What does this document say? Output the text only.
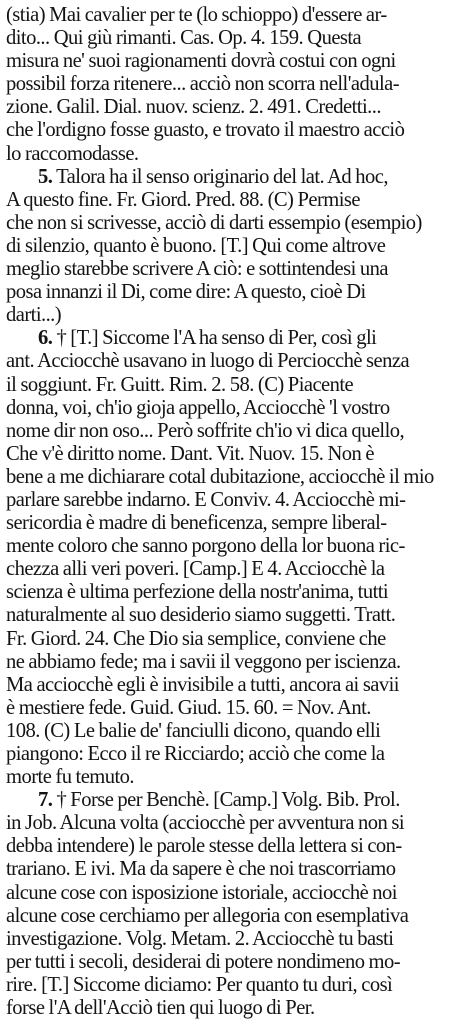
(stia) Mai cavalier per te (lo schioppo) d'essere ar-
dito... Qui giù rimanti. Cas. Op. 4. 159. Questa
misura ne' suoi ragionamenti dovrà costui con ogni
possibil forza ritenere... acciò non scorra nell'adula-
zione. Galil. Dial. nuov. scienz. 2. 491. Credetti...
che l'ordigno fosse guasto, e trovato il maestro acciò
lo raccomodasse.
5. Talora ha il senso originario del lat. Ad hoc,
A questo fine. Fr. Giord. Pred. 88. (C) Permise
che non si scrivesse, acciò di darti essempio (esempio)
di silenzio, quanto è buono. [T.] Qui come altrove
meglio starebbe scrivere A ciò: e sottintendesi una
posa innanzi il Di, come dire: A questo, cioè Di
darti...)
6. † [T.] Siccome l'A ha senso di Per, così gli
ant. Acciocchè usavano in luogo di Perciocchè senza
il soggiunt. Fr. Guitt. Rim. 2. 58. (C) Piacente
donna, voi, ch'io gioja appello, Acciocchè 'l vostro
nome dir non oso... Però soffrite ch'io vi dica quello,
Che v'è diritto nome. Dant. Vit. Nuov. 15. Non è
bene a me dichiarare cotal dubitazione, acciocchè il mio
parlare sarebbe indarno. E Conviv. 4. Acciocchè mi-
sericordia è madre di beneficenza, sempre liberal-
mente coloro che sanno porgono della lor buona ric-
chezza alli veri poveri. [Camp.] E 4. Acciocchè la
scienza è ultima perfezione della nostr'anima, tutti
naturalmente al suo desiderio siamo suggetti. Tratt.
Fr. Giord. 24. Che Dio sia semplice, conviene che
ne abbiamo fede; ma i savii il veggono per iscienza.
Ma acciocchè egli è invisibile a tutti, ancora ai savii
è mestiere fede. Guid. Giud. 15. 60. = Nov. Ant.
108. (C) Le balie de' fanciulli dicono, quando elli
piangono: Ecco il re Ricciardo; acciò che come la
morte fu temuto.
7. † Forse per Benchè. [Camp.] Volg. Bib. Prol.
in Job. Alcuna volta (acciocchè per avventura non si
debba intendere) le parole stesse della lettera si con-
trariano. E ivi. Ma da sapere è che noi trascorriamo
alcune cose con isposizione istoriale, acciocchè noi
alcune cose cerchiamo per allegoria con esemplativa
investigazione. Volg. Metam. 2. Acciocchè tu basti
per tutti i secoli, desiderai di potere nondimeno mo-
rire. [T.] Siccome diciamo: Per quanto tu duri, così
forse l'A dell'Acciò tien qui luogo di Per.
